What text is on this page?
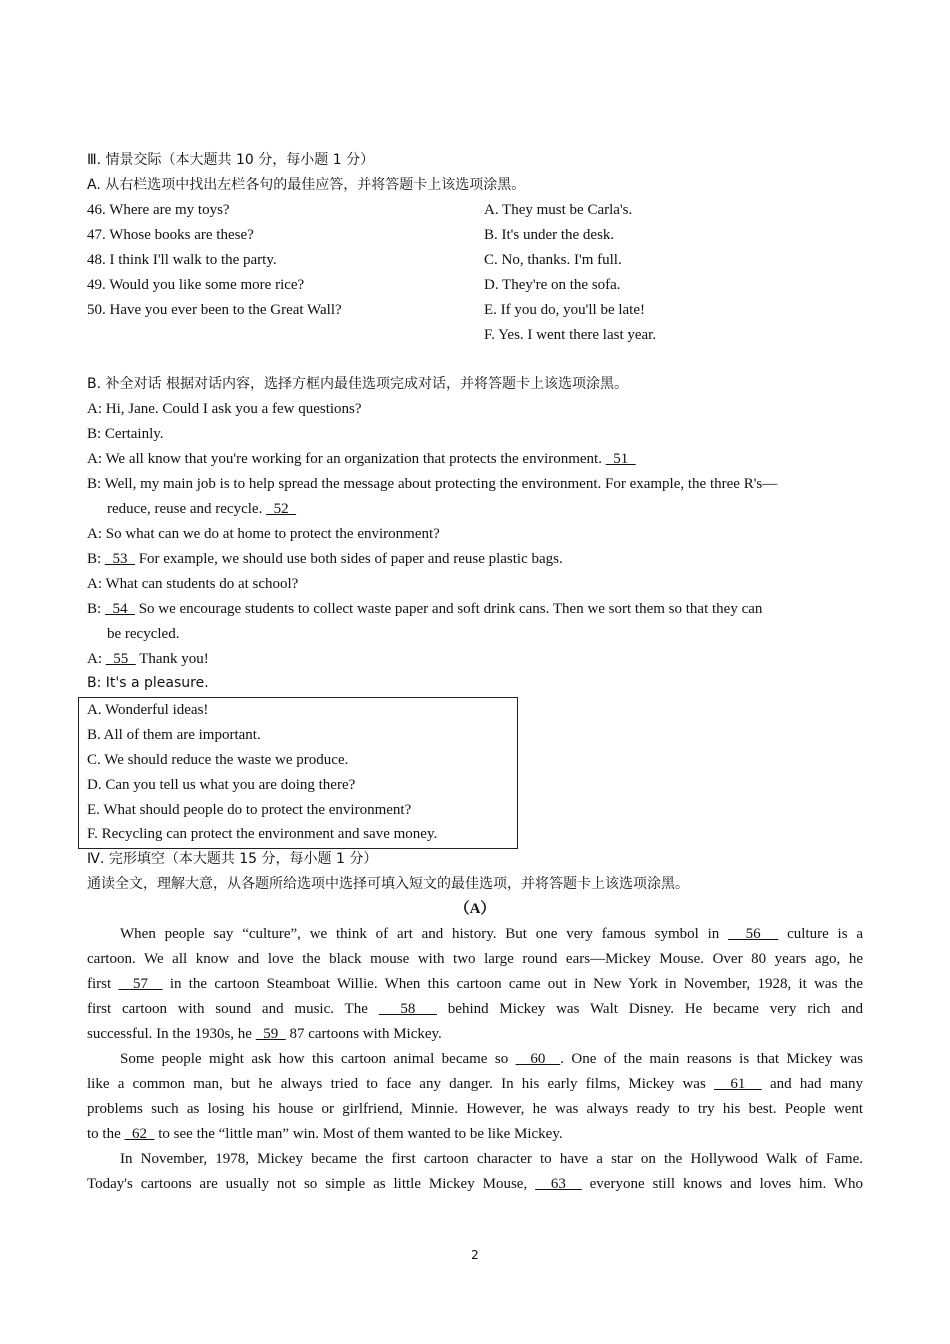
Ⅲ. 情景交际（本大题共 10 分，每小题 1 分）
A. 从右栏选项中找出左栏各句的最佳应答，并将答题卡上该选项涂黑。
46. Where are my toys?
47. Whose books are these?
48. I think I'll walk to the party.
49. Would you like some more rice?
50. Have you ever been to the Great Wall?
A. They must be Carla's.
B. It's under the desk.
C. No, thanks. I'm full.
D. They're on the sofa.
E. If you do, you'll be late!
F. Yes. I went there last year.
B. 补全对话 根据对话内容，选择方框内最佳选项完成对话，并将答题卡上该选项涂黑。
A: Hi, Jane. Could I ask you a few questions?
B: Certainly.
A: We all know that you're working for an organization that protects the environment.   51
B: Well, my main job is to help spread the message about protecting the environment. For example, the three R's—
reduce, reuse and recycle.   52
A: So what can we do at home to protect the environment?
B:   53   For example, we should use both sides of paper and reuse plastic bags.
A: What can students do at school?
B:   54   So we encourage students to collect waste paper and soft drink cans. Then we sort them so that they can
be recycled.
A:   55   Thank you!
B: It's a pleasure.
A. Wonderful ideas!
B. All of them are important.
C. We should reduce the waste we produce.
D. Can you tell us what you are doing there?
E. What should people do to protect the environment?
F. Recycling can protect the environment and save money.
Ⅳ. 完形填空（本大题共 15 分，每小题 1 分）
通读全文，理解大意，从各题所给选项中选择可填入短文的最佳选项，并将答题卡上该选项涂黑。
（A）
When people say “culture”, we think of art and history. But one very famous symbol in   56   culture is a
cartoon. We all know and love the black mouse with two large round ears—Mickey Mouse. Over 80 years ago, he
first   57   in the cartoon Steamboat Willie. When this cartoon came out in New York in November, 1928, it was the
first cartoon with sound and music. The   58   behind Mickey was Walt Disney. He became very rich and
successful. In the 1930s, he   59   87 cartoons with Mickey.
Some people might ask how this cartoon animal became so   60  . One of the main reasons is that Mickey was
like a common man, but he always tried to face any danger. In his early films, Mickey was   61   and had many
problems such as losing his house or girlfriend, Minnie. However, he was always ready to try his best. People went
to the   62   to see the “little man” win. Most of them wanted to be like Mickey.
In November, 1978, Mickey became the first cartoon character to have a star on the Hollywood Walk of Fame.
Today's cartoons are usually not so simple as little Mickey Mouse,   63   everyone still knows and loves him. Who
2
